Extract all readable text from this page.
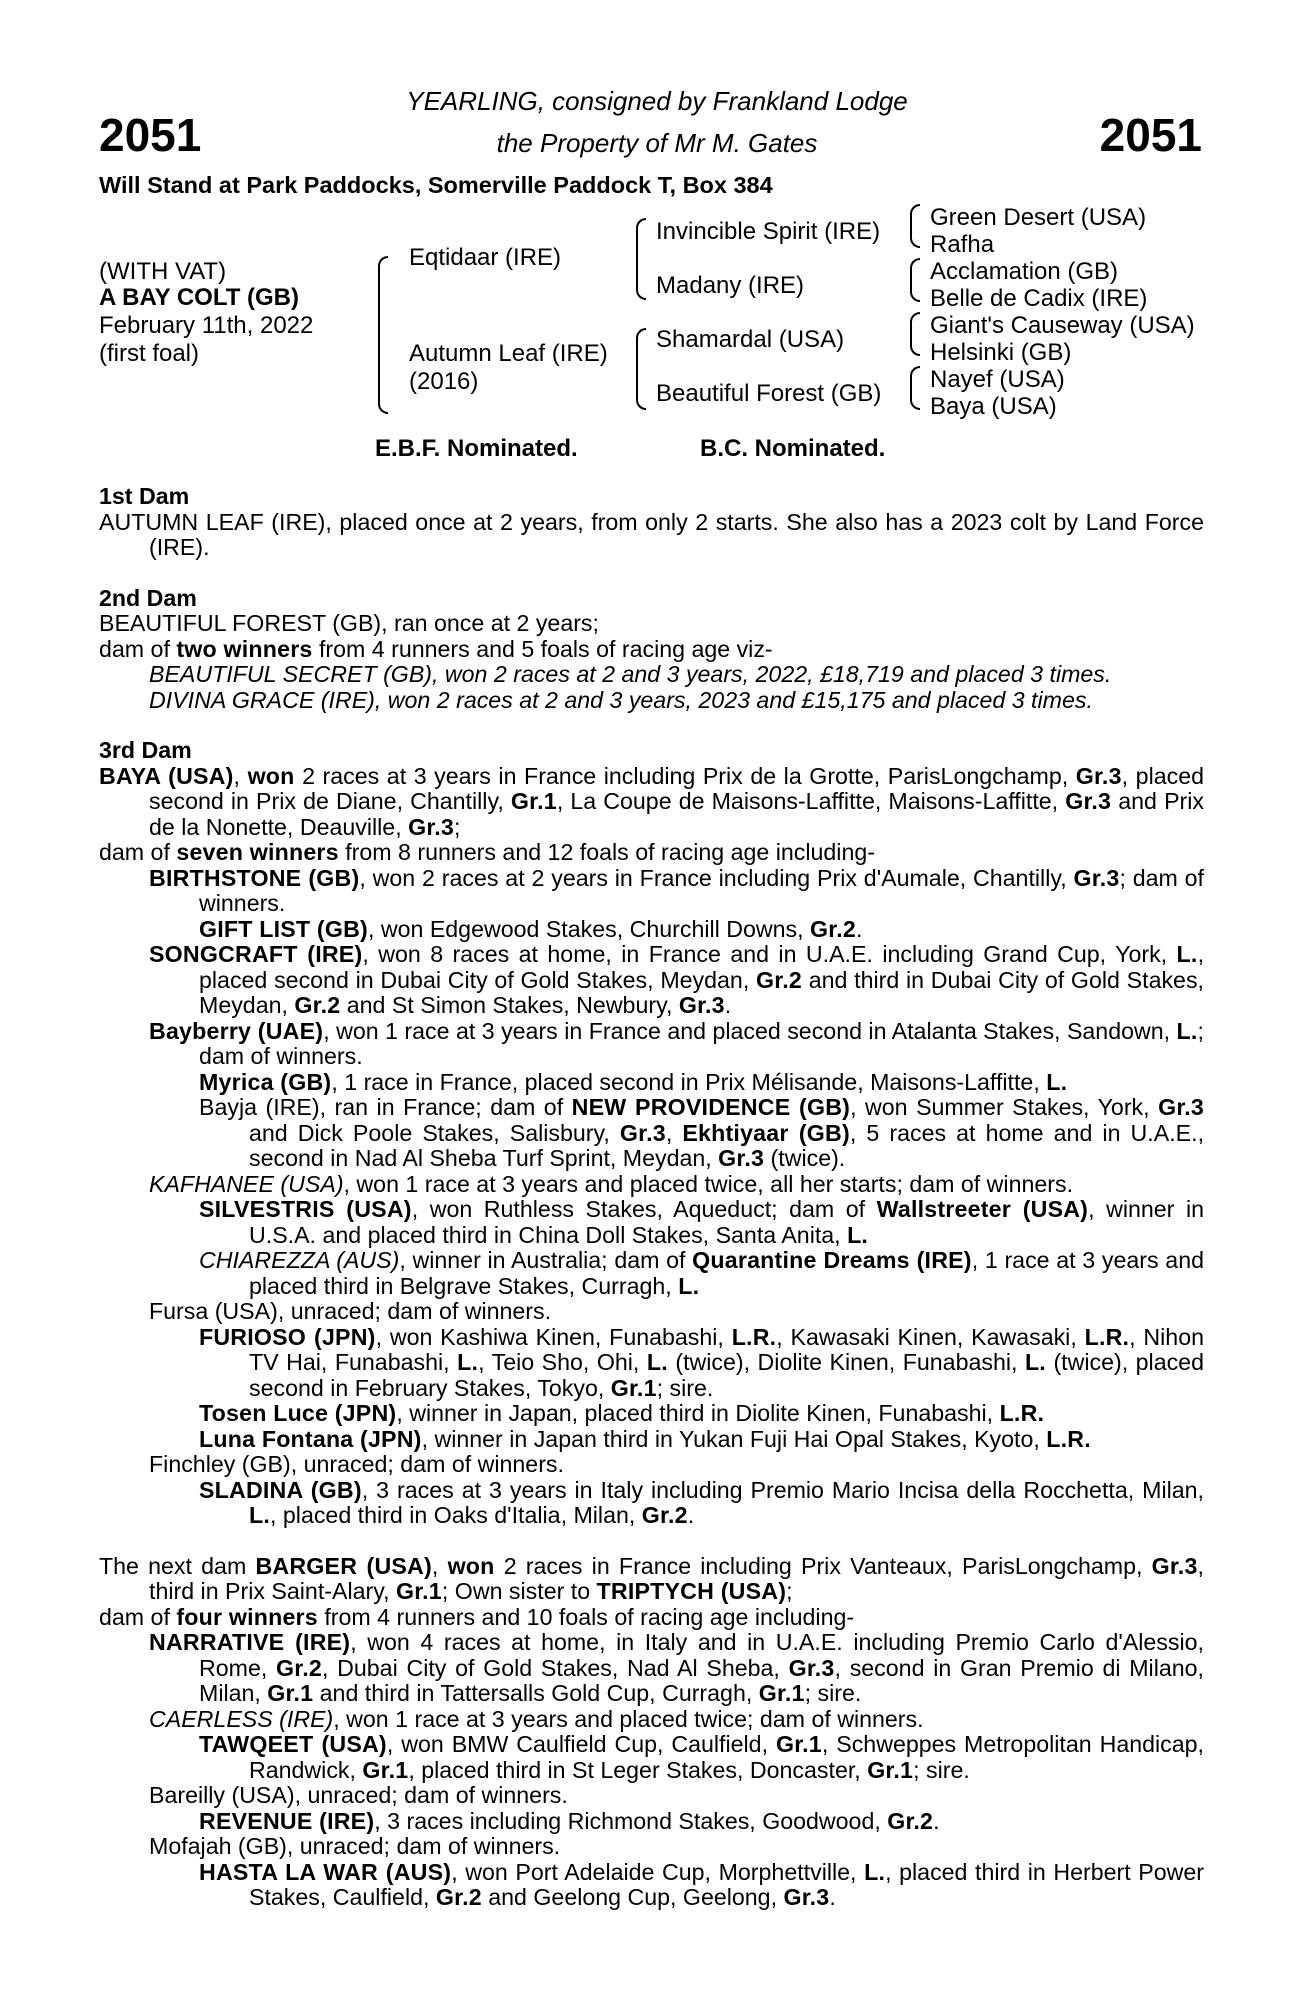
2051	2051
YEARLING, consigned by Frankland Lodge
the Property of Mr M. Gates
Will Stand at Park Paddocks, Somerville Paddock T, Box 384
(WITH VAT)
A BAY COLT (GB)
February 11th, 2022
(first foal)
Eqtidaar (IRE)
Autumn Leaf (IRE)
(2016)
Invincible Spirit (IRE)
Madany (IRE)
Shamardal (USA)
Beautiful Forest (GB)
Green Desert (USA)
Rafha
Acclamation (GB)
Belle de Cadix (IRE)
Giant's Causeway (USA)
Helsinki (GB)
Nayef (USA)
Baya (USA)
E.B.F. Nominated.	B.C. Nominated.

1st Dam

AUTUMN LEAF (IRE), placed once at 2 years, from only 2 starts. She also has a 2023 colt by Land Force (IRE).

2nd Dam

BEAUTIFUL FOREST (GB), ran once at 2 years;

dam of two winners from 4 runners and 5 foals of racing age viz-

BEAUTIFUL SECRET (GB), won 2 races at 2 and 3 years, 2022, £18,719 and placed 3 times.

DIVINA GRACE (IRE), won 2 races at 2 and 3 years, 2023 and £15,175 and placed 3 times.

3rd Dam

BAYA (USA), won 2 races at 3 years in France including Prix de la Grotte, ParisLongchamp, Gr.3, placed second in Prix de Diane, Chantilly, Gr.1, La Coupe de Maisons-Laffitte, Maisons-Laffitte, Gr.3 and Prix de la Nonette, Deauville, Gr.3;

dam of seven winners from 8 runners and 12 foals of racing age including-

BIRTHSTONE (GB), won 2 races at 2 years in France including Prix d'Aumale, Chantilly, Gr.3; dam of winners.

GIFT LIST (GB), won Edgewood Stakes, Churchill Downs, Gr.2.

SONGCRAFT (IRE), won 8 races at home, in France and in U.A.E. including Grand Cup, York, L., placed second in Dubai City of Gold Stakes, Meydan, Gr.2 and third in Dubai City of Gold Stakes, Meydan, Gr.2 and St Simon Stakes, Newbury, Gr.3.

Bayberry (UAE), won 1 race at 3 years in France and placed second in Atalanta Stakes, Sandown, L.; dam of winners.

Myrica (GB), 1 race in France, placed second in Prix Mélisande, Maisons-Laffitte, L.

Bayja (IRE), ran in France; dam of NEW PROVIDENCE (GB), won Summer Stakes, York, Gr.3 and Dick Poole Stakes, Salisbury, Gr.3, Ekhtiyaar (GB), 5 races at home and in U.A.E., second in Nad Al Sheba Turf Sprint, Meydan, Gr.3 (twice).

KAFHANEE (USA), won 1 race at 3 years and placed twice, all her starts; dam of winners.

SILVESTRIS (USA), won Ruthless Stakes, Aqueduct; dam of Wallstreeter (USA), winner in U.S.A. and placed third in China Doll Stakes, Santa Anita, L.

CHIAREZZA (AUS), winner in Australia; dam of Quarantine Dreams (IRE), 1 race at 3 years and placed third in Belgrave Stakes, Curragh, L.

Fursa (USA), unraced; dam of winners.

FURIOSO (JPN), won Kashiwa Kinen, Funabashi, L.R., Kawasaki Kinen, Kawasaki, L.R., Nihon TV Hai, Funabashi, L., Teio Sho, Ohi, L. (twice), Diolite Kinen, Funabashi, L. (twice), placed second in February Stakes, Tokyo, Gr.1; sire.

Tosen Luce (JPN), winner in Japan, placed third in Diolite Kinen, Funabashi, L.R.

Luna Fontana (JPN), winner in Japan third in Yukan Fuji Hai Opal Stakes, Kyoto, L.R.

Finchley (GB), unraced; dam of winners.

SLADINA (GB), 3 races at 3 years in Italy including Premio Mario Incisa della Rocchetta, Milan, L., placed third in Oaks d'Italia, Milan, Gr.2.

The next dam BARGER (USA), won 2 races in France including Prix Vanteaux, ParisLongchamp, Gr.3, third in Prix Saint-Alary, Gr.1; Own sister to TRIPTYCH (USA);

dam of four winners from 4 runners and 10 foals of racing age including-

NARRATIVE (IRE), won 4 races at home, in Italy and in U.A.E. including Premio Carlo d'Alessio, Rome, Gr.2, Dubai City of Gold Stakes, Nad Al Sheba, Gr.3, second in Gran Premio di Milano, Milan, Gr.1 and third in Tattersalls Gold Cup, Curragh, Gr.1; sire.

CAERLESS (IRE), won 1 race at 3 years and placed twice; dam of winners.

TAWQEET (USA), won BMW Caulfield Cup, Caulfield, Gr.1, Schweppes Metropolitan Handicap, Randwick, Gr.1, placed third in St Leger Stakes, Doncaster, Gr.1; sire.

Bareilly (USA), unraced; dam of winners.

REVENUE (IRE), 3 races including Richmond Stakes, Goodwood, Gr.2.

Mofajah (GB), unraced; dam of winners.

HASTA LA WAR (AUS), won Port Adelaide Cup, Morphettville, L., placed third in Herbert Power Stakes, Caulfield, Gr.2 and Geelong Cup, Geelong, Gr.3.
